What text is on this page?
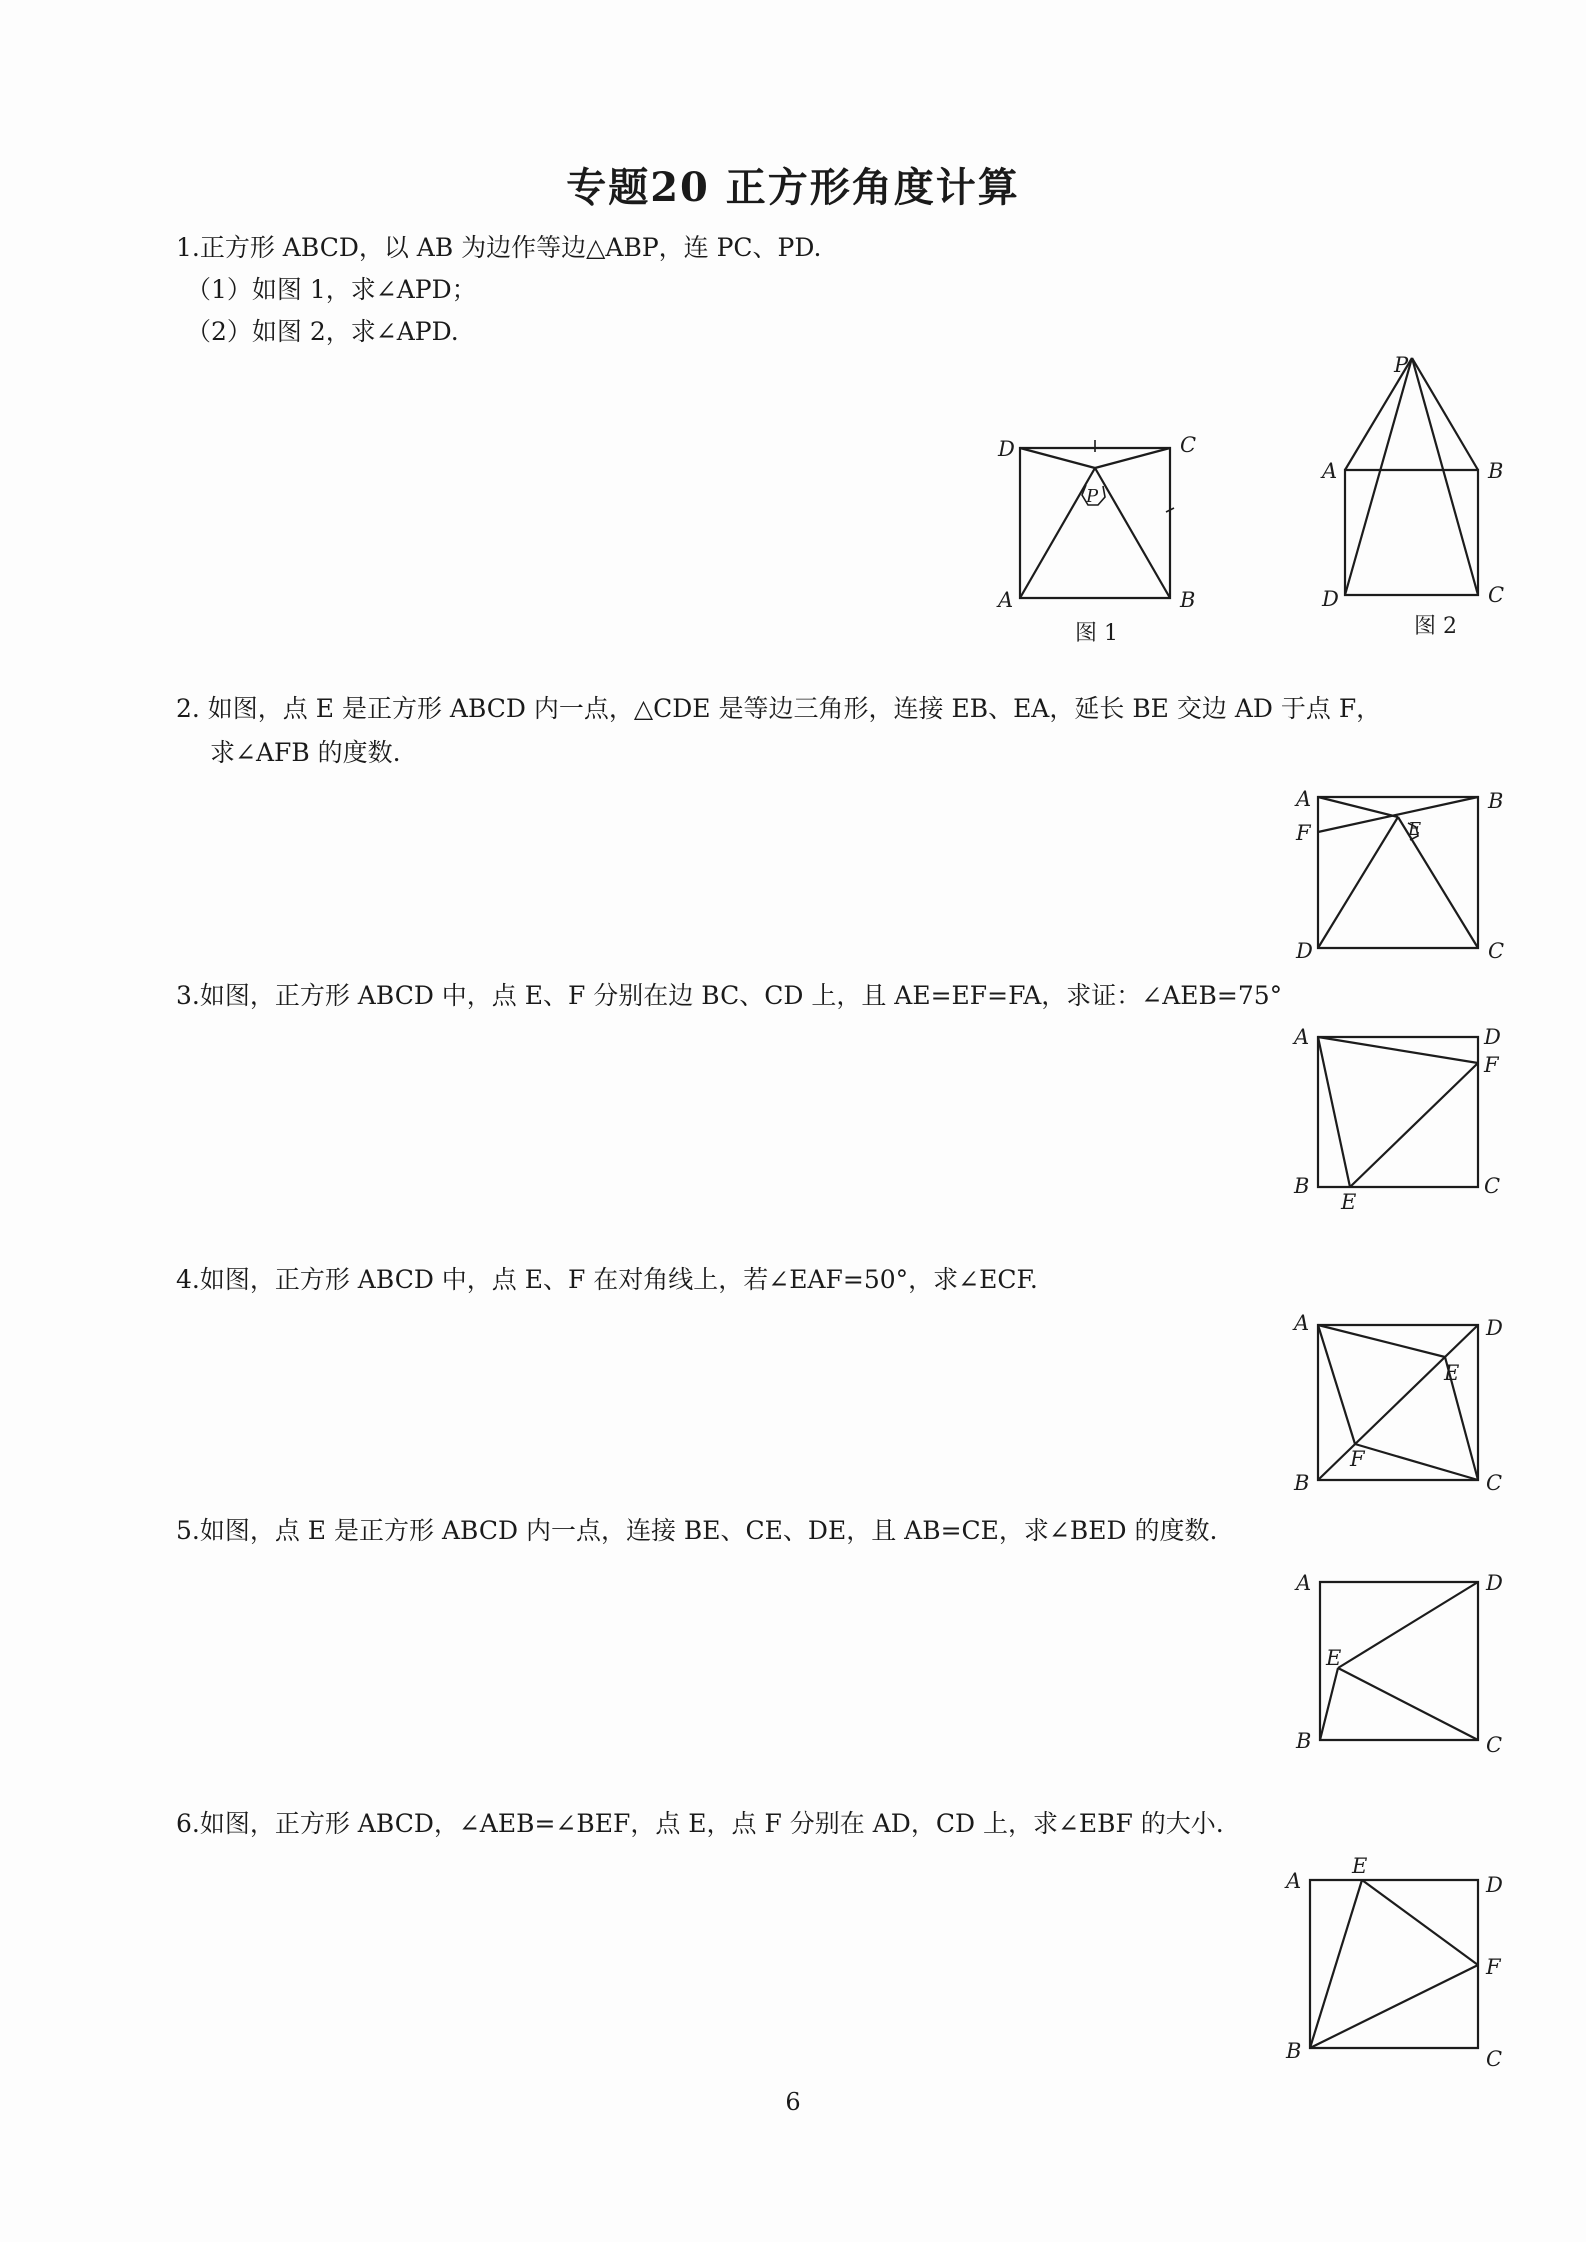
专题20 正方形角度计算
1.正方形 ABCD，以 AB 为边作等边△ABP，连 PC、PD.
（1）如图 1，求∠APD；
（2）如图 2，求∠APD.
D	C
A	B
P
图 1
P
A	B
D	C
图 2
2. 如图，点 E 是正方形 ABCD 内一点，△CDE 是等边三角形，连接 EB、EA，延长 BE 交边 AD 于点 F，
求∠AFB 的度数.
A	B
F	E
D	C
3.如图，正方形 ABCD 中，点 E、F 分别在边 BC、CD 上，且 AE=EF=FA，求证：∠AEB=75°
A	D
F
B	C
E
4.如图，正方形 ABCD 中，点 E、F 在对角线上，若∠EAF=50°，求∠ECF.
A	D
E
F
B	C
5.如图，点 E 是正方形 ABCD 内一点，连接 BE、CE、DE，且 AB=CE，求∠BED 的度数.
A	D
E
B	C
6.如图，正方形 ABCD，∠AEB=∠BEF，点 E，点 F 分别在 AD，CD 上，求∠EBF 的大小.
E
A	D
F
B	C
6
